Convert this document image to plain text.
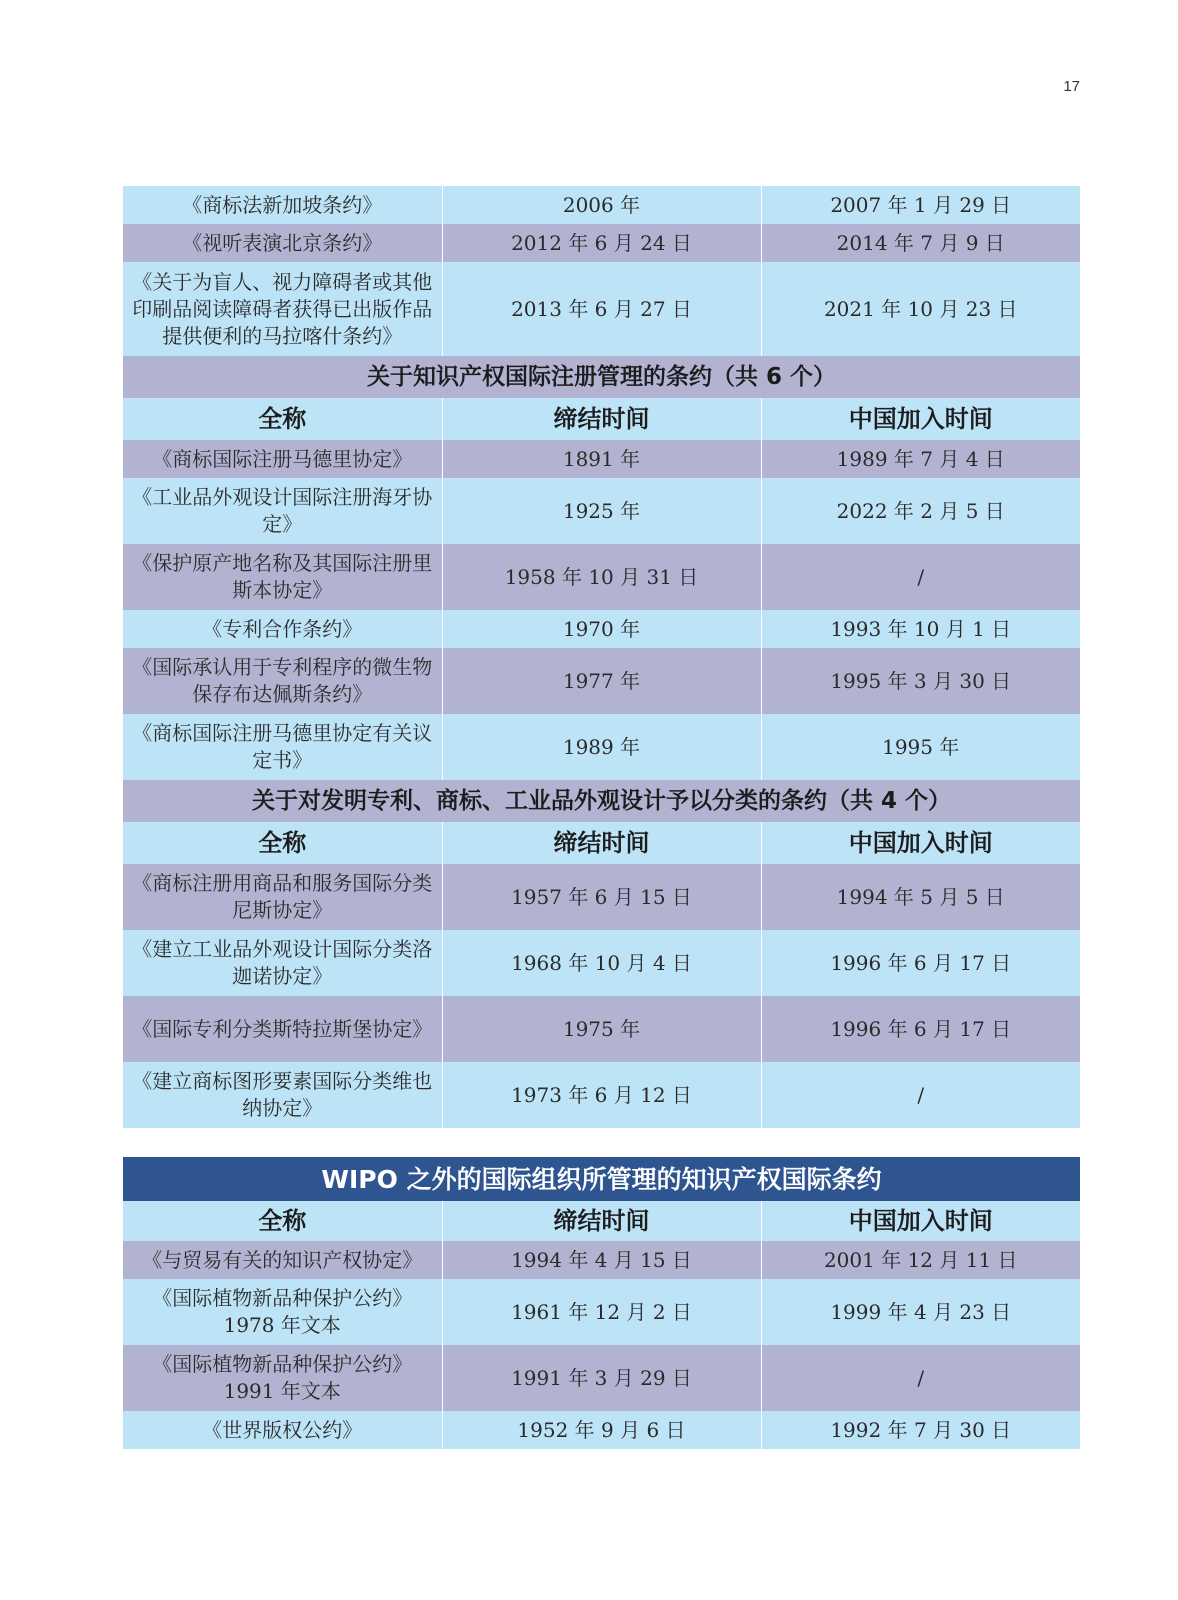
17
《商标法新加坡条约》	2006 年	2007 年 1 月 29 日
《视听表演北京条约》	2012 年 6 月 24 日	2014 年 7 月 9 日
《关于为盲人、视力障碍者或其他印刷品阅读障碍者获得已出版作品提供便利的马拉喀什条约》	2013 年 6 月 27 日	2021 年 10 月 23 日
关于知识产权国际注册管理的条约（共 6 个）		
全称	缔结时间	中国加入时间
《商标国际注册马德里协定》	1891 年	1989 年 7 月 4 日
《工业品外观设计国际注册海牙协定》	1925 年	2022 年 2 月 5 日
《保护原产地名称及其国际注册里斯本协定》	1958 年 10 月 31 日	/
《专利合作条约》	1970 年	1993 年 10 月 1 日
《国际承认用于专利程序的微生物保存布达佩斯条约》	1977 年	1995 年 3 月 30 日
《商标国际注册马德里协定有关议定书》	1989 年	1995 年
关于对发明专利、商标、工业品外观设计予以分类的条约（共 4 个）		
全称	缔结时间	中国加入时间
《商标注册用商品和服务国际分类尼斯协定》	1957 年 6 月 15 日	1994 年 5 月 5 日
《建立工业品外观设计国际分类洛迦诺协定》	1968 年 10 月 4 日	1996 年 6 月 17 日
《国际专利分类斯特拉斯堡协定》	1975 年	1996 年 6 月 17 日
《建立商标图形要素国际分类维也纳协定》	1973 年 6 月 12 日	/
WIPO 之外的国际组织所管理的知识产权国际条约		
全称	缔结时间	中国加入时间
《与贸易有关的知识产权协定》	1994 年 4 月 15 日	2001 年 12 月 11 日
《国际植物新品种保护公约》1978 年文本	1961 年 12 月 2 日	1999 年 4 月 23 日
《国际植物新品种保护公约》1991 年文本	1991 年 3 月 29 日	/
《世界版权公约》	1952 年 9 月 6 日	1992 年 7 月 30 日
